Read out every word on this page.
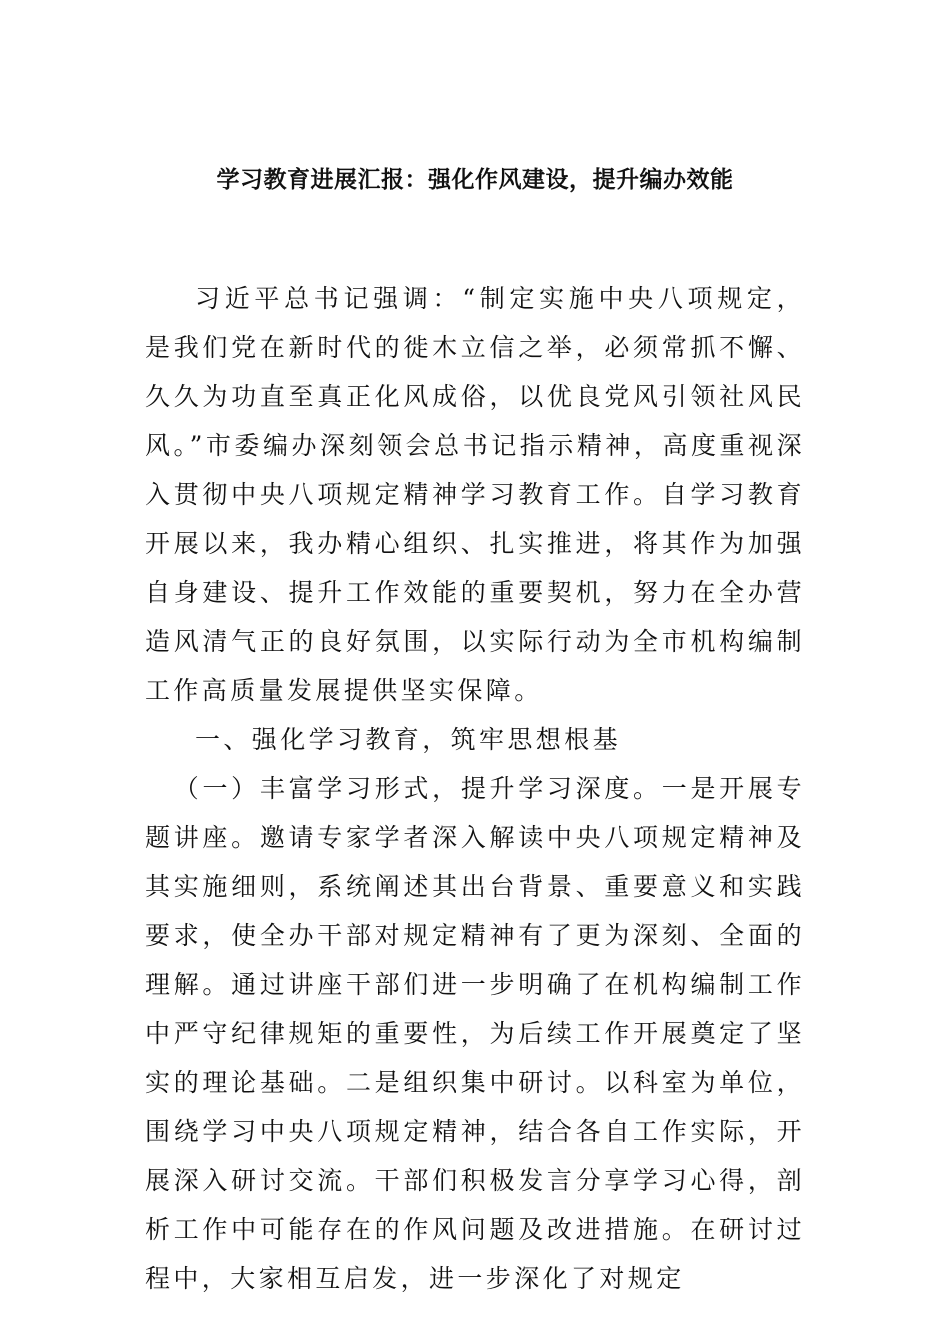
学习教育进展汇报：强化作风建设，提升编办效能

习近平总书记强调：“制定实施中央八项规定，是我们党在新时代的徙木立信之举，必须常抓不懈、久久为功直至真正化风成俗，以优良党风引领社风民风。”市委编办深刻领会总书记指示精神，高度重视深入贯彻中央八项规定精神学习教育工作。自学习教育开展以来，我办精心组织、扎实推进，将其作为加强自身建设、提升工作效能的重要契机，努力在全办营造风清气正的良好氛围，以实际行动为全市机构编制工作高质量发展提供坚实保障。

一、强化学习教育，筑牢思想根基

（一）丰富学习形式，提升学习深度。一是开展专题讲座。邀请专家学者深入解读中央八项规定精神及其实施细则，系统阐述其出台背景、重要意义和实践要求，使全办干部对规定精神有了更为深刻、全面的理解。通过讲座干部们进一步明确了在机构编制工作中严守纪律规矩的重要性，为后续工作开展奠定了坚实的理论基础。二是组织集中研讨。以科室为单位，围绕学习中央八项规定精神，结合各自工作实际，开展深入研讨交流。干部们积极发言分享学习心得，剖析工作中可能存在的作风问题及改进措施。在研讨过程中，大家相互启发，进一步深化了对规定
